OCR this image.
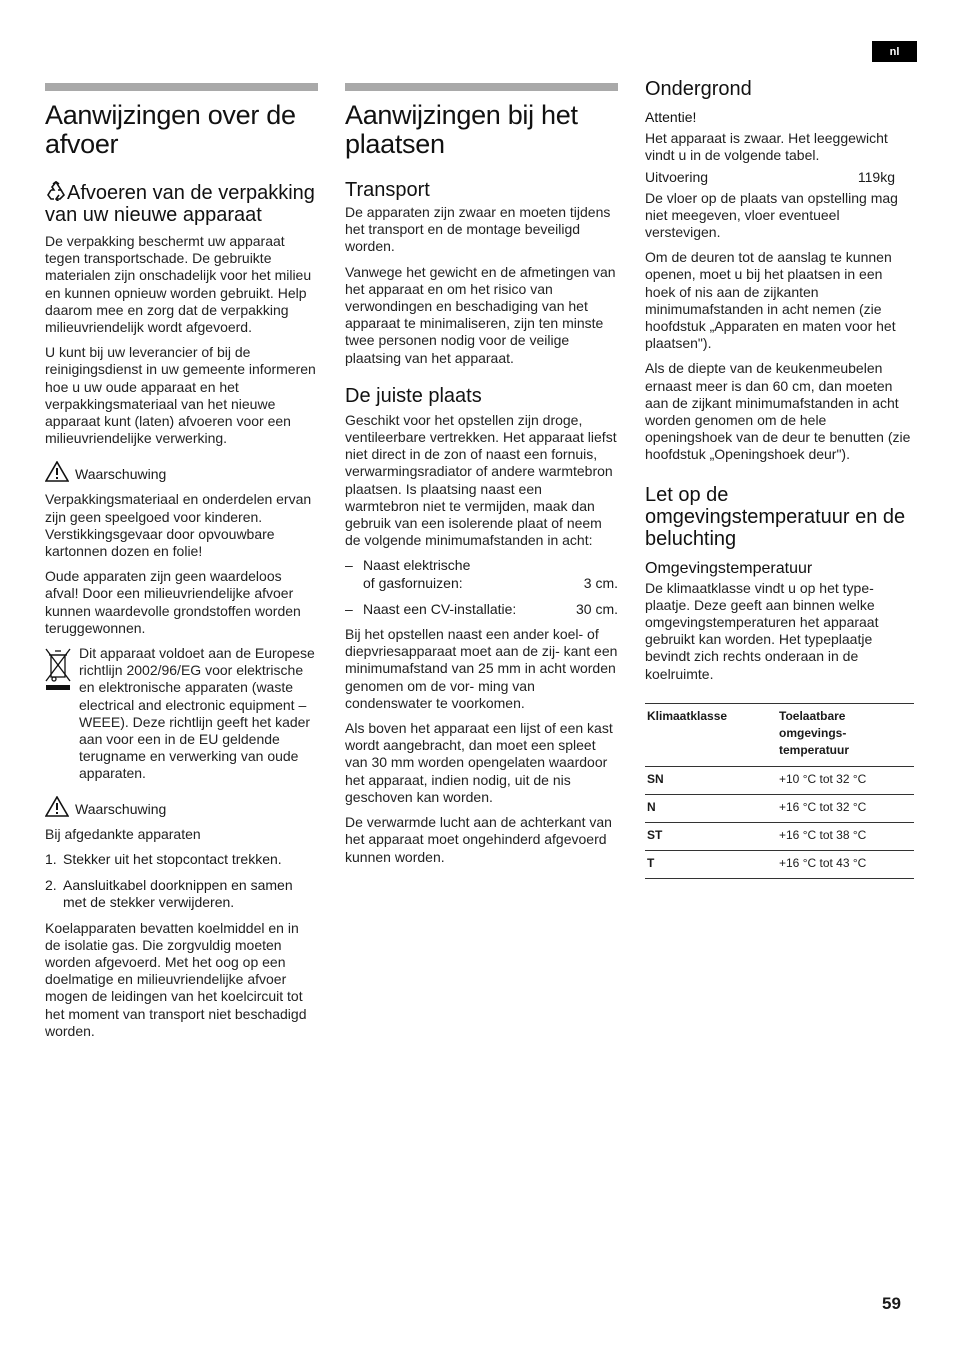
nl
Aanwijzingen over de afvoer
Afvoeren van de verpakking van uw nieuwe apparaat

De verpakking beschermt uw apparaat tegen transportschade. De gebruikte materialen zijn onschadelijk voor het milieu en kunnen opnieuw worden gebruikt. Help daarom mee en zorg dat de verpakking milieuvriendelijk wordt afgevoerd.

U kunt bij uw leverancier of bij de reinigingsdienst in uw gemeente informeren hoe u uw oude apparaat en het verpakkingsmateriaal van het nieuwe apparaat kunt (laten) afvoeren voor een milieuvriendelijke verwerking.

Waarschuwing

Verpakkingsmateriaal en onderdelen ervan zijn geen speelgoed voor kinderen. Verstikkingsgevaar door opvouwbare kartonnen dozen en folie!

Oude apparaten zijn geen waardeloos afval! Door een milieuvriendelijke afvoer kunnen waardevolle grondstoffen worden teruggewonnen.

Dit apparaat voldoet aan de Europese richtlijn 2002/96/EG voor elektrische en elektronische apparaten (waste electrical and electronic equipment – WEEE). Deze richtlijn geeft het kader aan voor een in de EU geldende terugname en verwerking van oude apparaten.

Waarschuwing

Bij afgedankte apparaten

1. Stekker uit het stopcontact trekken.
2. Aansluitkabel doorknippen en samen met de stekker verwijderen.

Koelapparaten bevatten koelmiddel en in de isolatie gas. Die zorgvuldig moeten worden afgevoerd. Met het oog op een doelmatige en milieuvriendelijke afvoer mogen de leidingen van het koelcircuit tot het moment van transport niet beschadigd worden.

Aanwijzingen bij het plaatsen
Transport

De apparaten zijn zwaar en moeten tijdens het transport en de montage beveiligd worden.

Vanwege het gewicht en de afmetingen van het apparaat en om het risico van verwondingen en beschadiging van het apparaat te minimaliseren, zijn ten minste twee personen nodig voor de veilige plaatsing van het apparaat.

De juiste plaats

Geschikt voor het opstellen zijn droge, ventileerbare vertrekken. Het apparaat liefst niet direct in de zon of naast een fornuis, verwarmingsradiator of andere warmtebron plaatsen. Is plaatsing naast een warmtebron niet te vermijden, maak dan gebruik van een isolerende plaat of neem de volgende minimumafstanden in acht:

– Naast elektrische
of gasfornuizen:	3 cm.
– Naast een CV-installatie:	30 cm.

Bij het opstellen naast een ander koel- of diepvriesapparaat moet aan de zij- kant een minimumafstand van 25 mm in acht worden genomen om de vor- ming van condenswater te voorkomen.

Als boven het apparaat een lijst of een kast wordt aangebracht, dan moet een spleet van 30 mm worden opengelaten waardoor het apparaat, indien nodig, uit de nis geschoven kan worden.

De verwarmde lucht aan de achterkant van het apparaat moet ongehinderd afgevoerd kunnen worden.

Ondergrond
Attentie!

Het apparaat is zwaar. Het leeggewicht vindt u in de volgende tabel.

Uitvoering	119kg

De vloer op de plaats van opstelling mag niet meegeven, vloer eventueel verstevigen.

Om de deuren tot de aanslag te kunnen openen, moet u bij het plaatsen in een hoek of nis aan de zijkanten minimumafstanden in acht nemen (zie hoofdstuk „Apparaten en maten voor het plaatsen").

Als de diepte van de keukenmeubelen ernaast meer is dan 60 cm, dan moeten aan de zijkant minimumafstanden in acht worden genomen om de hele openingshoek van de deur te benutten (zie hoofdstuk „Openingshoek deur").

Let op de omgevingstemperatuur en de beluchting
Omgevingstemperatuur

De klimaatklasse vindt u op het type- plaatje. Deze geeft aan binnen welke omgevingstemperaturen het apparaat gebruikt kan worden. Het typeplaatje bevindt zich rechts onderaan in de koelruimte.

Klimaatklasse	Toelaatbare omgevings- temperatuur
SN	+10 °C tot 32 °C
N	+16 °C tot 32 °C
ST	+16 °C tot 38 °C
T	+16 °C tot 43 °C
59
